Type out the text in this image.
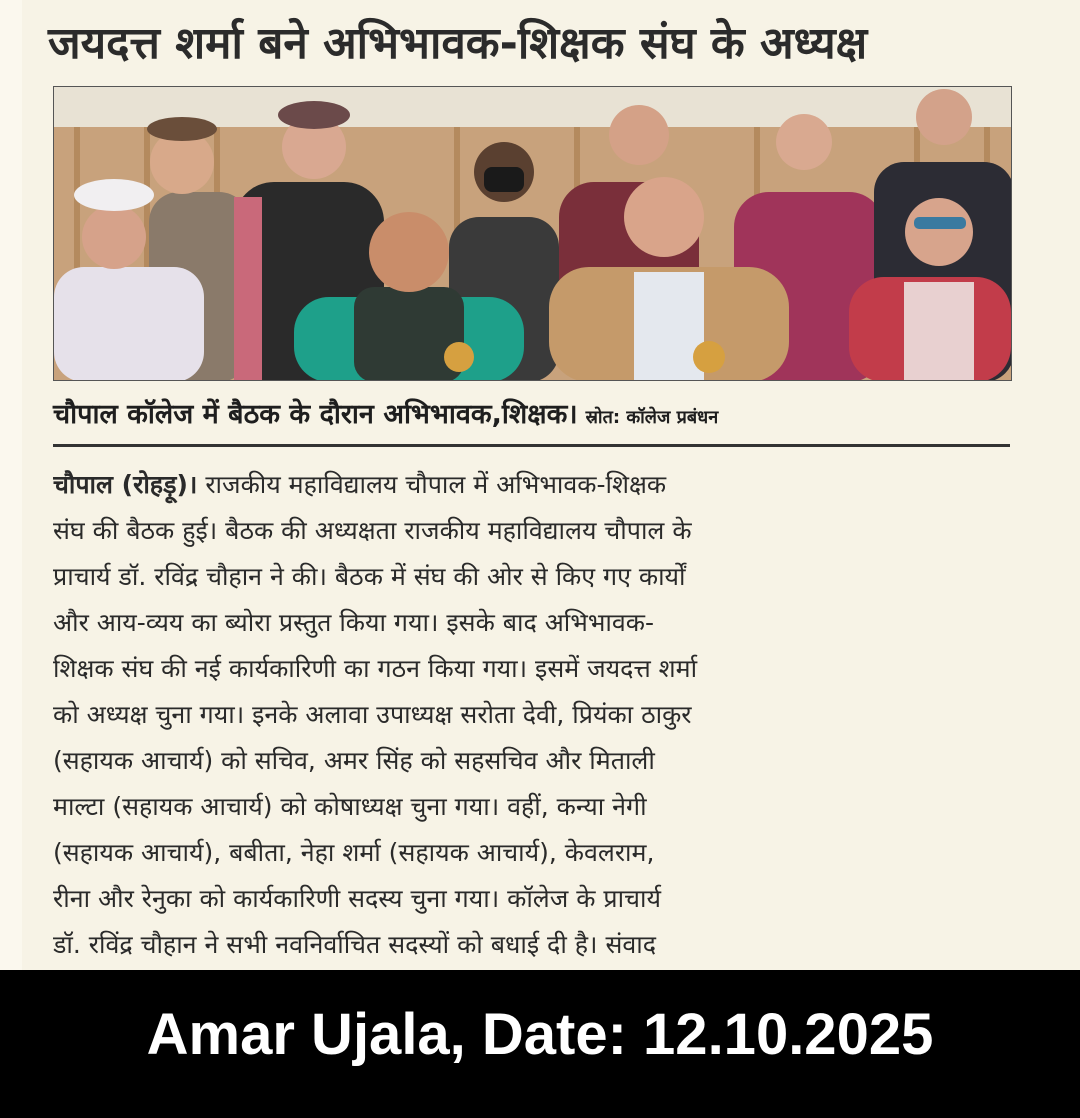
जयदत्त शर्मा बने अभिभावक-शिक्षक संघ के अध्यक्ष
चौपाल कॉलेज में बैठक के दौरान अभिभावक,शिक्षक। स्रोत: कॉलेज प्रबंधन
चौपाल (रोहड़ू)। राजकीय महाविद्यालय चौपाल में अभिभावक-शिक्षक
संघ की बैठक हुई। बैठक की अध्यक्षता राजकीय महाविद्यालय चौपाल के
प्राचार्य डॉ. रविंद्र चौहान ने की। बैठक में संघ की ओर से किए गए कार्यों
और आय-व्यय का ब्योरा प्रस्तुत किया गया। इसके बाद अभिभावक-
शिक्षक संघ की नई कार्यकारिणी का गठन किया गया। इसमें जयदत्त शर्मा
को अध्यक्ष चुना गया। इनके अलावा उपाध्यक्ष सरोता देवी, प्रियंका ठाकुर
(सहायक आचार्य) को सचिव, अमर सिंह को सहसचिव और मिताली
माल्टा (सहायक आचार्य) को कोषाध्यक्ष चुना गया। वहीं, कन्या नेगी
(सहायक आचार्य), बबीता, नेहा शर्मा (सहायक आचार्य), केवलराम,
रीना और रेनुका को कार्यकारिणी सदस्य चुना गया। कॉलेज के प्राचार्य
डॉ. रविंद्र चौहान ने सभी नवनिर्वाचित सदस्यों को बधाई दी है। संवाद
Amar Ujala, Date: 12.10.2025
